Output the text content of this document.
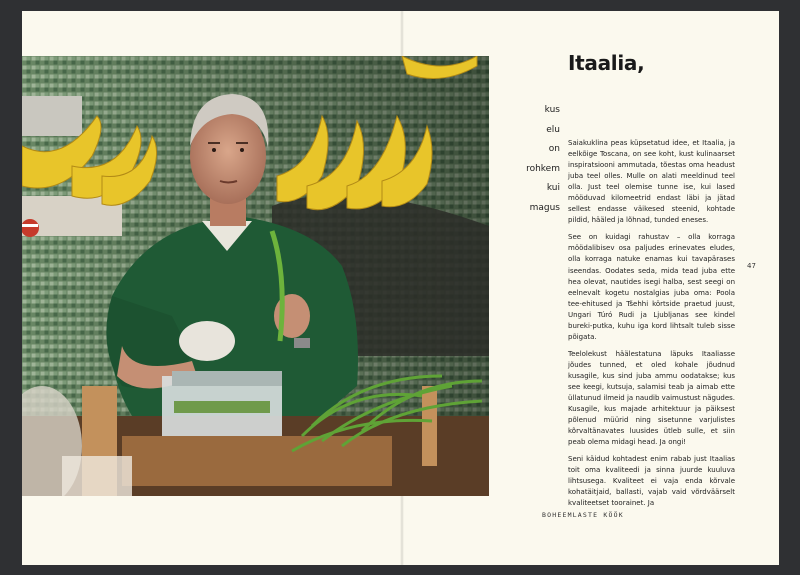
Itaalia,
kus
elu
on
rohkem
kui
magus

Saiakuklina peas küpsetatud idee, et Itaalia, ja eelkõige Toscana, on see koht, kust kulinaarset inspiratsiooni ammutada, tõestas oma headust juba teel olles. Mulle on alati meeldinud teel olla. Just teel olemise tunne ise, kui lased mööduvad kilomeetrid endast läbi ja jätad sellest endasse väikesed steenid, kohtade pildid, hääled ja lõhnad, tunded eneses.

See on kuidagi rahustav – olla korraga möödalibisev osa paljudes erinevates eludes, olla korraga natuke enamas kui tavapärases iseendas. Oodates seda, mida tead juba ette hea olevat, nautides isegi halba, sest seegi on eelnevalt kogetu nostalgias juba oma: Poola tee-ehitused ja Tšehhi körtside praetud juust, Ungari Túró Rudi ja Ljubljanas see kindel bureki-putka, kuhu iga kord lihtsalt tuleb sisse põigata.

Teelolekust häälestatuna läpuks Itaaliasse jõudes tunned, et oled kohale jõudnud kusagile, kus sind juba ammu oodatakse; kus see keegi, kutsuja, salamisi teab ja aimab ette üllatunud ilmeid ja naudib vaimustust nägudes. Kusagile, kus majade arhitektuur ja päiksest põlenud müürid ning sisetunne varjulistes kõrvaltänavates luusides ütleb sulle, et siin peab olema midagi head. Ja ongi!

Seni käidud kohtadest enim rabab just Itaalias toit oma kvaliteedi ja sinna juurde kuuluva lihtsusega. Kvaliteet ei vaja enda kõrvale kohatäitjaid, ballasti, vajab vaid võrdväärselt kvaliteetset toorainet. Ja

47
BOHEEMLASTE KÖÖK
